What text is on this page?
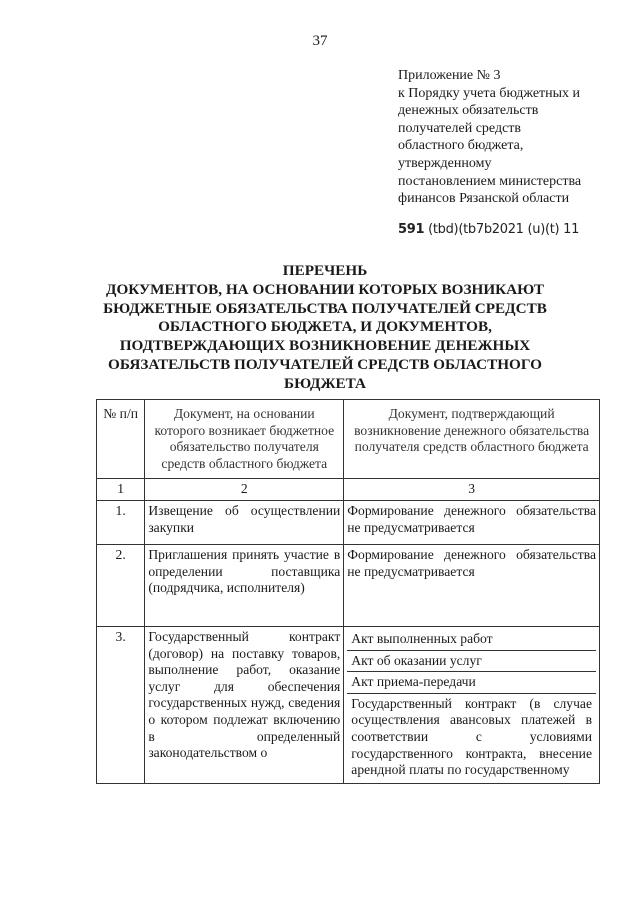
37
Приложение № 3
к Порядку учета бюджетных и
денежных обязательств
получателей средств
областного бюджета,
утвержденному
постановлением министерства
финансов Рязанской области
591 (tbd)(tb7b2021 (u)(t) 11
ПЕРЕЧЕНЬ
ДОКУМЕНТОВ, НА ОСНОВАНИИ КОТОРЫХ ВОЗНИКАЮТ
БЮДЖЕТНЫЕ ОБЯЗАТЕЛЬСТВА ПОЛУЧАТЕЛЕЙ СРЕДСТВ
ОБЛАСТНОГО БЮДЖЕТА, И ДОКУМЕНТОВ,
ПОДТВЕРЖДАЮЩИХ ВОЗНИКНОВЕНИЕ ДЕНЕЖНЫХ
ОБЯЗАТЕЛЬСТВ ПОЛУЧАТЕЛЕЙ СРЕДСТВ ОБЛАСТНОГО
БЮДЖЕТА
№ п/п	Документ, на основании которого возникает бюджетное обязательство получателя средств областного бюджета	Документ, подтверждающий возникновение денежного обязательства получателя средств областного бюджета
1	2	3
1.	Извещение об осуществлении закупки	Формирование денежного обязательства не предусматривается
2.	Приглашения принять участие в определении поставщика (подрядчика, исполнителя)	Формирование денежного обязательства не предусматривается
3.	Государственный контракт (договор) на поставку товаров, выполнение работ, оказание услуг для обеспечения государственных нужд, сведения о котором подлежат включению в определенный законодательством о	Акт выполненных работ
Акт об оказании услуг
Акт приема-передачи
Государственный контракт (в случае осуществления авансовых платежей в соответствии с условиями государственного контракта, внесение арендной платы по государственному
